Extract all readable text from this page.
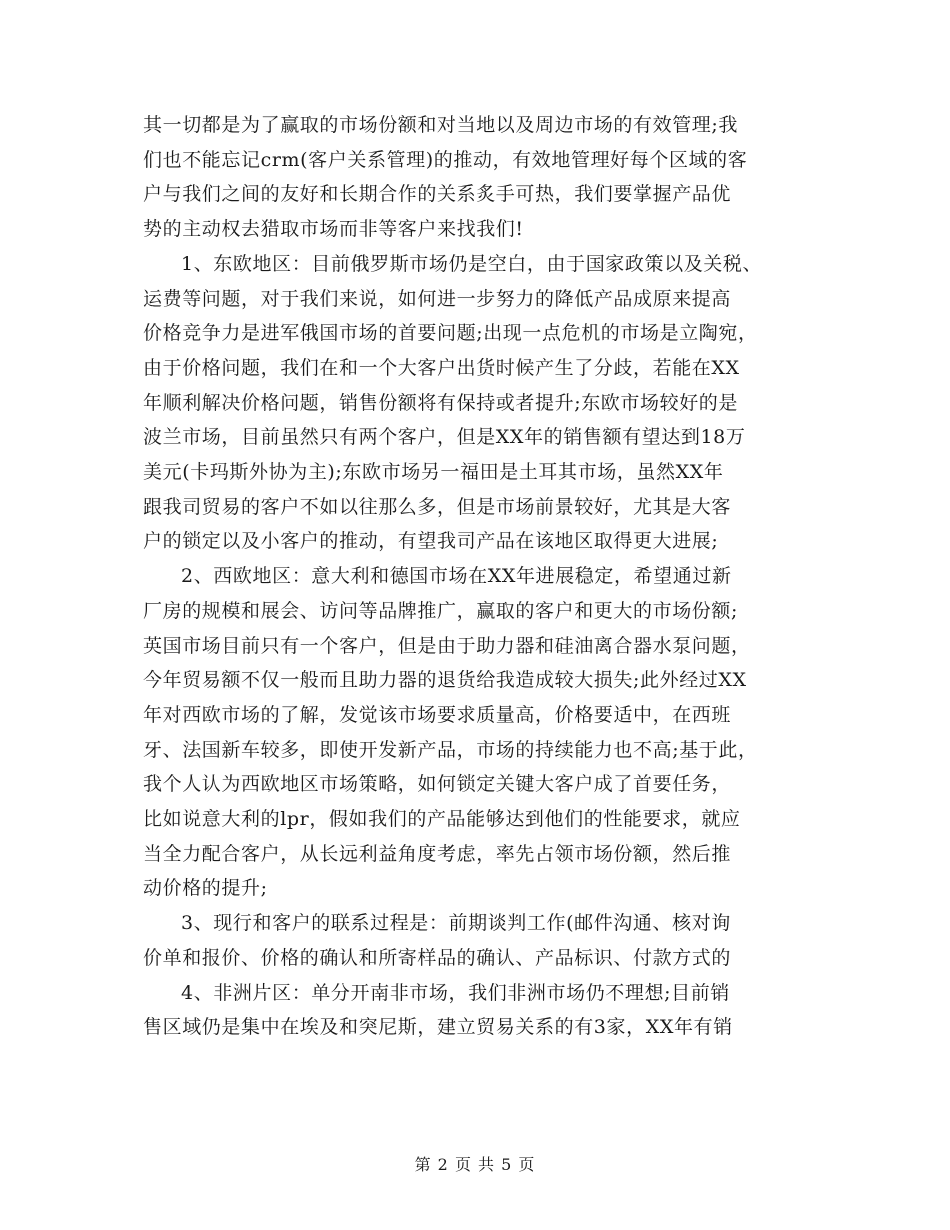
其一切都是为了赢取的市场份额和对当地以及周边市场的有效管理;我
们也不能忘记crm(客户关系管理)的推动，有效地管理好每个区域的客
户与我们之间的友好和长期合作的关系炙手可热，我们要掌握产品优
势的主动权去猎取市场而非等客户来找我们!
1、东欧地区：目前俄罗斯市场仍是空白，由于国家政策以及关税、
运费等问题，对于我们来说，如何进一步努力的降低产品成原来提高
价格竞争力是进军俄国市场的首要问题;出现一点危机的市场是立陶宛，
由于价格问题，我们在和一个大客户出货时候产生了分歧，若能在XX
年顺利解决价格问题，销售份额将有保持或者提升;东欧市场较好的是
波兰市场，目前虽然只有两个客户，但是XX年的销售额有望达到18万
美元(卡玛斯外协为主);东欧市场另一福田是土耳其市场，虽然XX年
跟我司贸易的客户不如以往那么多，但是市场前景较好，尤其是大客
户的锁定以及小客户的推动，有望我司产品在该地区取得更大进展;
2、西欧地区：意大利和德国市场在XX年进展稳定，希望通过新
厂房的规模和展会、访问等品牌推广，赢取的客户和更大的市场份额;
英国市场目前只有一个客户，但是由于助力器和硅油离合器水泵问题，
今年贸易额不仅一般而且助力器的退货给我造成较大损失;此外经过XX
年对西欧市场的了解，发觉该市场要求质量高，价格要适中，在西班
牙、法国新车较多，即使开发新产品，市场的持续能力也不高;基于此，
我个人认为西欧地区市场策略，如何锁定关键大客户成了首要任务，
比如说意大利的lpr，假如我们的产品能够达到他们的性能要求，就应
当全力配合客户，从长远利益角度考虑，率先占领市场份额，然后推
动价格的提升;
3、现行和客户的联系过程是：前期谈判工作(邮件沟通、核对询
价单和报价、价格的确认和所寄样品的确认、产品标识、付款方式的
4、非洲片区：单分开南非市场，我们非洲市场仍不理想;目前销
售区域仍是集中在埃及和突尼斯，建立贸易关系的有3家，XX年有销
第 2 页 共 5 页
